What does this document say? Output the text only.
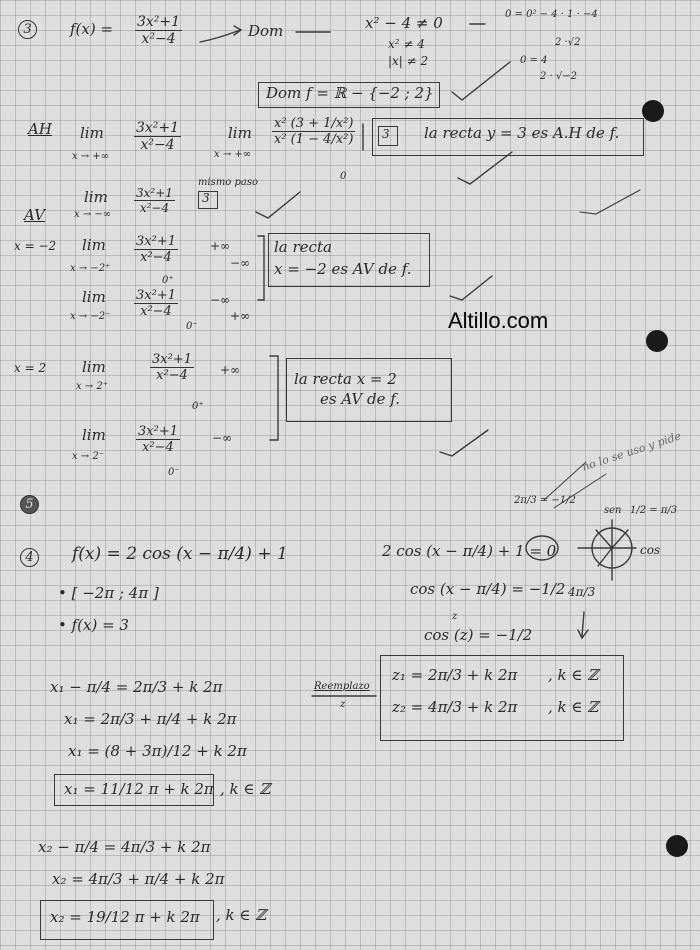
3	$f(x) = \frac{\text{3x²+1}}{\text{x²−4}}$	Dom	x² − 4 ≠ 0
x² ≠ 4
|x| ≠ 2
0 = 0² − 4 · 1 · −4
2 ·√2
0 = 4
2 · √−2
Dom f = ℝ − {−2 ; 2}
AH lim
x → +∞
$\frac{\text{3x²+1}}{\text{x²−4}}$	lim
x → +∞
$\frac{\text{x² (3 + 1/x²)}}{\text{x² (1 − 4/x²)}}$
0
3 la recta y = 3 es A.H de f.
lim
x → −∞ $\frac{\text{3x²+1}}{\text{x²−4}}$
mismo paso
3
AV
x = −2 lim
x → −2⁺
$\frac{\text{3x²+1}}{\text{x²−4}}$	+∞
−∞
0⁺
lim
$x \to -2^- \frac{\text{3x²+1}}{\text{x²−4}}$	−∞
+∞
0⁻
la recta
x = −2 es AV de f.
Altillo.com
x = 2 lim
x → 2⁺
$\frac{\text{3x²+1}}{\text{x²−4}}$ +∞
0⁺
lim
x → 2⁻
$\frac{\text{3x²+1}}{\text{x²−4}}$	−∞
0⁻
la recta x = 2
es AV de f.
5
4	f(x) = 2 cos (x − π/4) + 1
• [ −2π ; 4π ]
• f(x) = 3
2 cos (x − π/4) + 1 = 0
cos (x − π/4) = −1/2
z
cos (z) = −1/2
2π/3 = −1/2
1/2 = π/3
sen
cos
4π/3
no lo se uso y pide
Reemplazo
z
z₁ = 2π/3 + k 2π , k ∈ ℤ
z₂ = 4π/3 + k 2π , k ∈ ℤ
x₁ − π/4 = 2π/3 + k 2π
x₁ = 2π/3 + π/4 + k 2π
x₁ = (8 + 3π)/12 + k 2π
x₁ = 11/12 π + k 2π , k ∈ ℤ
x₂ − π/4 = 4π/3 + k 2π
x₂ = 4π/3 + π/4 + k 2π
x₂ = 19/12 π + k 2π , k ∈ ℤ
